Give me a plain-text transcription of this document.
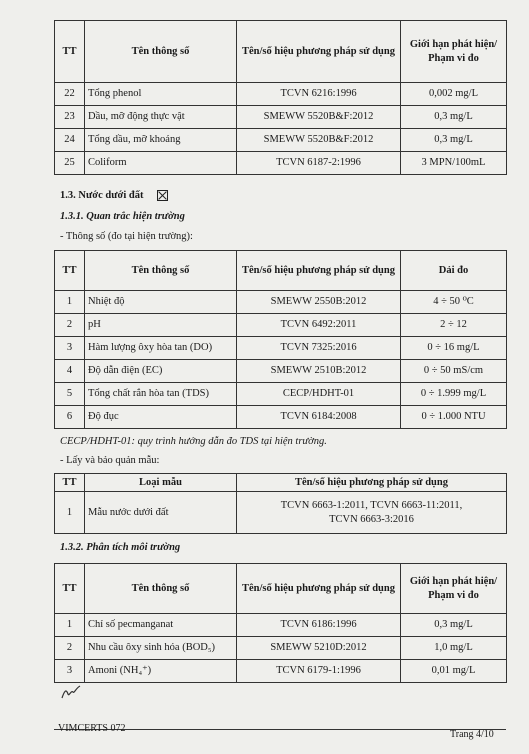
TT	Tên thông số	Tên/số hiệu phương pháp sử dụng	Giới hạn phát hiện/ Phạm vi đo
22	Tổng phenol	TCVN 6216:1996	0,002 mg/L
23	Dầu, mỡ động thực vật	SMEWW 5520B&F:2012	0,3 mg/L
24	Tổng dầu, mỡ khoáng	SMEWW 5520B&F:2012	0,3 mg/L
25	Coliform	TCVN 6187-2:1996	3 MPN/100mL
1.3. Nước dưới đất
1.3.1. Quan trắc hiện trường
- Thông số (đo tại hiện trường):
TT	Tên thông số	Tên/số hiệu phương pháp sử dụng	Dải đo
1	Nhiệt độ	SMEWW 2550B:2012	4 ÷ 50 ⁰C
2	pH	TCVN 6492:2011	2 ÷ 12
3	Hàm lượng ôxy hòa tan (DO)	TCVN 7325:2016	0 ÷ 16 mg/L
4	Độ dẫn điện (EC)	SMEWW 2510B:2012	0 ÷ 50 mS/cm
5	Tổng chất rắn hòa tan (TDS)	CECP/HDHT-01	0 ÷ 1.999 mg/L
6	Độ đục	TCVN 6184:2008	0 ÷ 1.000 NTU
CECP/HDHT-01: quy trình hướng dẫn đo TDS tại hiện trường.
- Lấy và bảo quản mẫu:
TT	Loại mẫu	Tên/số hiệu phương pháp sử dụng
1	Mẫu nước dưới đất	TCVN 6663-1:2011, TCVN 6663-11:2011,
TCVN 6663-3:2016
1.3.2. Phân tích môi trường
TT	Tên thông số	Tên/số hiệu phương pháp sử dụng	Giới hạn phát hiện/ Phạm vi đo
1	Chỉ số pecmanganat	TCVN 6186:1996	0,3 mg/L
2	Nhu cầu ôxy sinh hóa (BOD₅)	SMEWW 5210D:2012	1,0 mg/L
3	Amoni (NH₄⁺)	TCVN 6179-1:1996	0,01 mg/L
VIMCERTS 072
Trang 4/10
